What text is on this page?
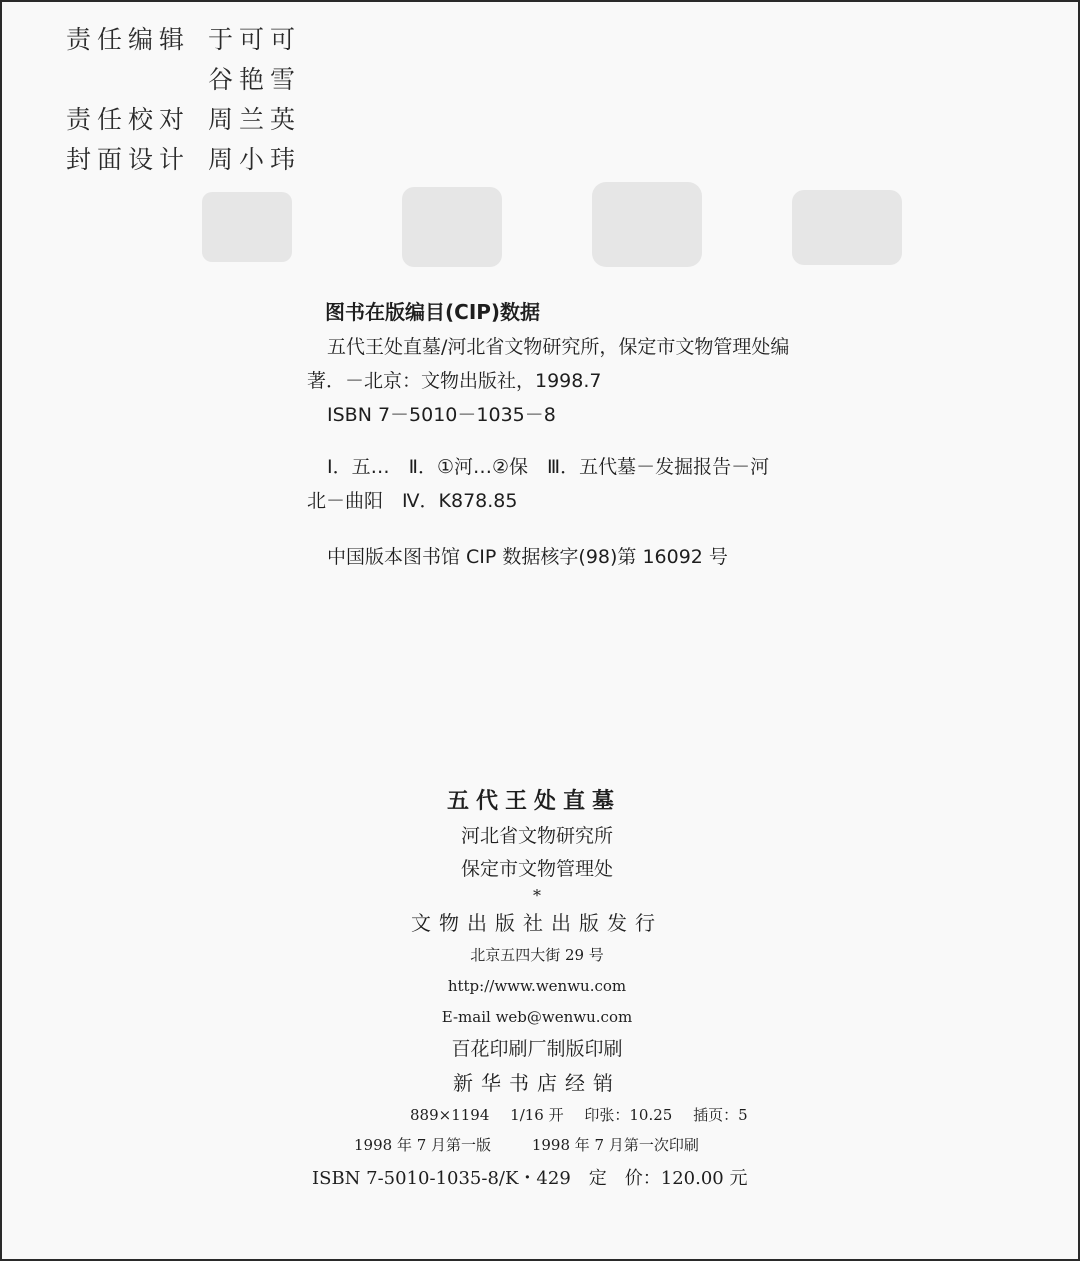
责任编辑 于可可
谷艳雪
责任校对 周兰英
封面设计 周小玮
图书在版编目(CIP)数据
五代王处直墓/河北省文物研究所，保定市文物管理处编
著．－北京：文物出版社，1998.7
ISBN 7－5010－1035－8
Ⅰ．五…　Ⅱ．①河…②保　Ⅲ．五代墓－发掘报告－河
北－曲阳　Ⅳ．K878.85
中国版本图书馆 CIP 数据核字(98)第 16092 号
五代王处直墓
河北省文物研究所
保定市文物管理处
*
文物出版社出版发行
北京五四大街 29 号
http://www.wenwu.com
E-mail web@wenwu.com
百花印刷厂制版印刷
新华书店经销
889×1194 1/16 开 印张：10.25 插页：5
1998 年 7 月第一版	1998 年 7 月第一次印刷
ISBN 7-5010-1035-8/K・429　定　价：120.00 元
